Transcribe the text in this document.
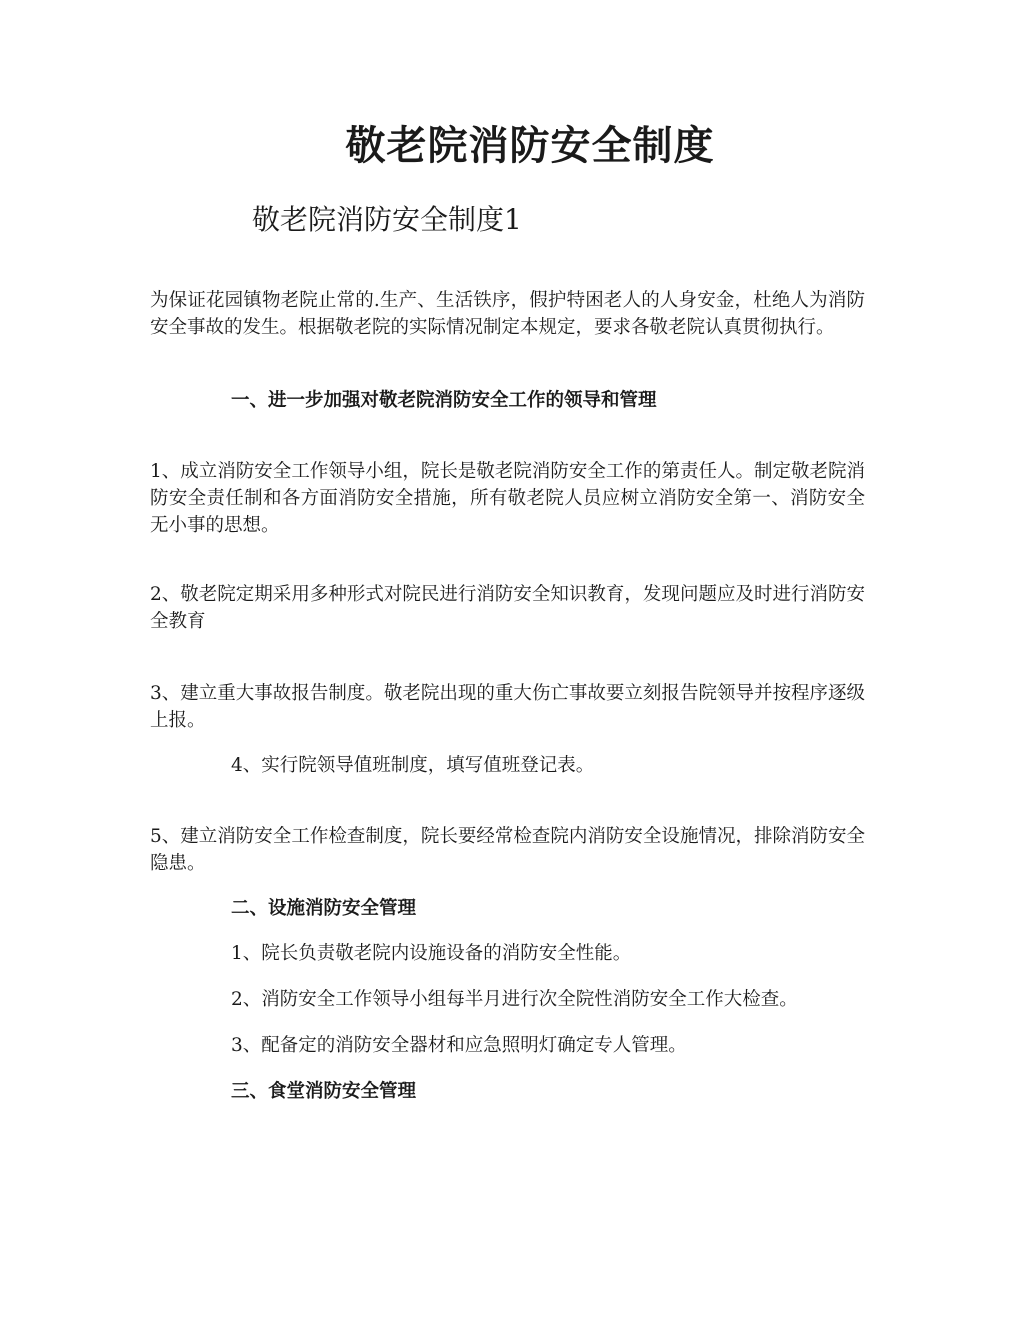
敬老院消防安全制度
敬老院消防安全制度1

为保证花园镇物老院止常的.生产、生活铁序，假护特困老人的人身安金，杜绝人为消防安全事故的发生。根据敬老院的实际情况制定本规定，要求各敬老院认真贯彻执行。

一、进一步加强对敬老院消防安全工作的领导和管理

1、成立消防安全工作领导小组，院长是敬老院消防安全工作的第责任人。制定敬老院消防安全责任制和各方面消防安全措施，所有敬老院人员应树立消防安全第一、消防安全无小事的思想。

2、敬老院定期采用多种形式对院民进行消防安全知识教育，发现问题应及时进行消防安全教育

3、建立重大事故报告制度。敬老院出现的重大伤亡事故要立刻报告院领导并按程序逐级上报。

4、实行院领导值班制度，填写值班登记表。

5、建立消防安全工作检查制度，院长要经常检查院内消防安全设施情况，排除消防安全隐患。

二、设施消防安全管理

1、院长负责敬老院内设施设备的消防安全性能。

2、消防安全工作领导小组每半月进行次全院性消防安全工作大检查。

3、配备定的消防安全器材和应急照明灯确定专人管理。

三、食堂消防安全管理
